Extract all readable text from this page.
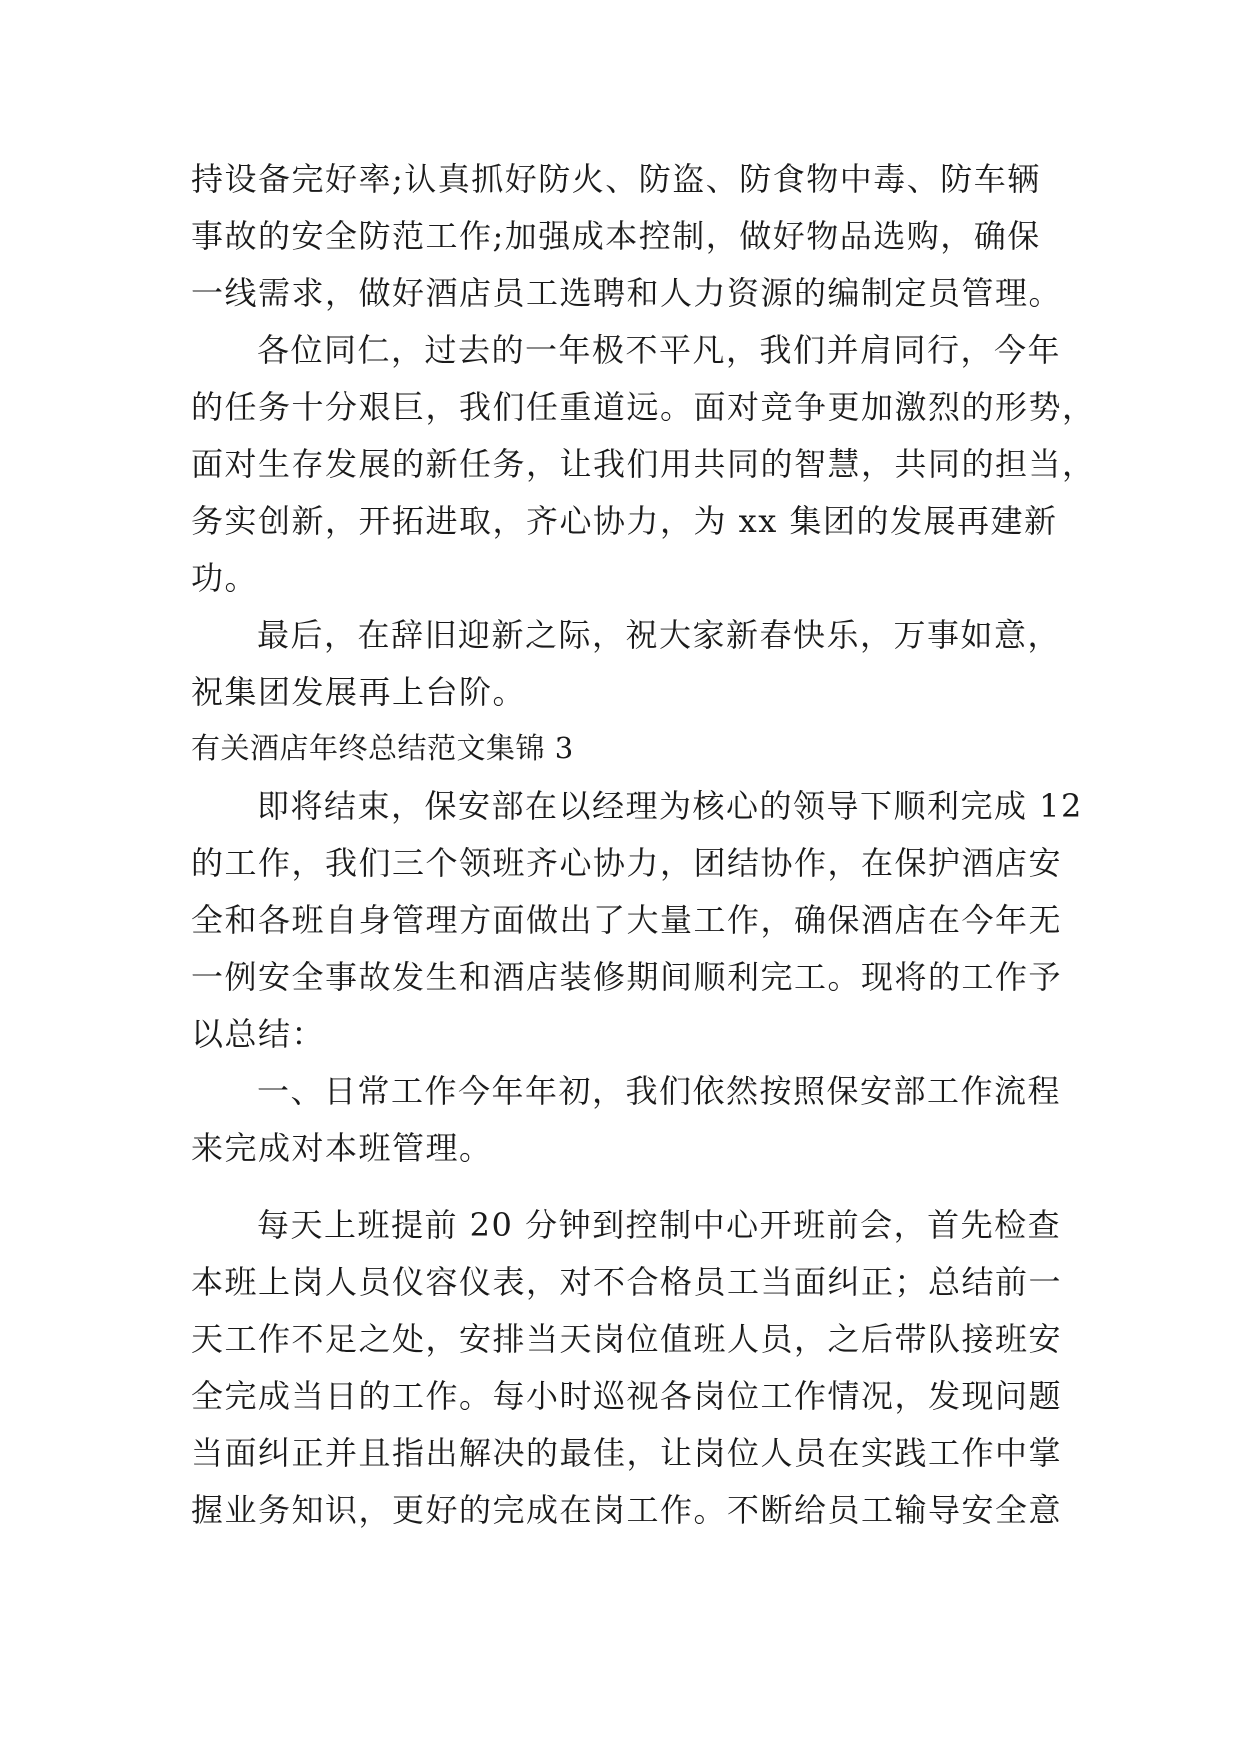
持设备完好率;认真抓好防火、防盗、防食物中毒、防车辆
事故的安全防范工作;加强成本控制，做好物品选购，确保
一线需求，做好酒店员工选聘和人力资源的编制定员管理。
各位同仁，过去的一年极不平凡，我们并肩同行，今年
的任务十分艰巨，我们任重道远。面对竞争更加激烈的形势，
面对生存发展的新任务，让我们用共同的智慧，共同的担当，
务实创新，开拓进取，齐心协力，为 xx 集团的发展再建新
功。
最后，在辞旧迎新之际，祝大家新春快乐，万事如意，
祝集团发展再上台阶。
有关酒店年终总结范文集锦 3
即将结束，保安部在以经理为核心的领导下顺利完成 12
的工作，我们三个领班齐心协力，团结协作，在保护酒店安
全和各班自身管理方面做出了大量工作，确保酒店在今年无
一例安全事故发生和酒店装修期间顺利完工。现将的工作予
以总结：
一、日常工作今年年初，我们依然按照保安部工作流程
来完成对本班管理。
每天上班提前 20 分钟到控制中心开班前会，首先检查
本班上岗人员仪容仪表，对不合格员工当面纠正；总结前一
天工作不足之处，安排当天岗位值班人员，之后带队接班安
全完成当日的工作。每小时巡视各岗位工作情况，发现问题
当面纠正并且指出解决的最佳，让岗位人员在实践工作中掌
握业务知识，更好的完成在岗工作。不断给员工输导安全意
